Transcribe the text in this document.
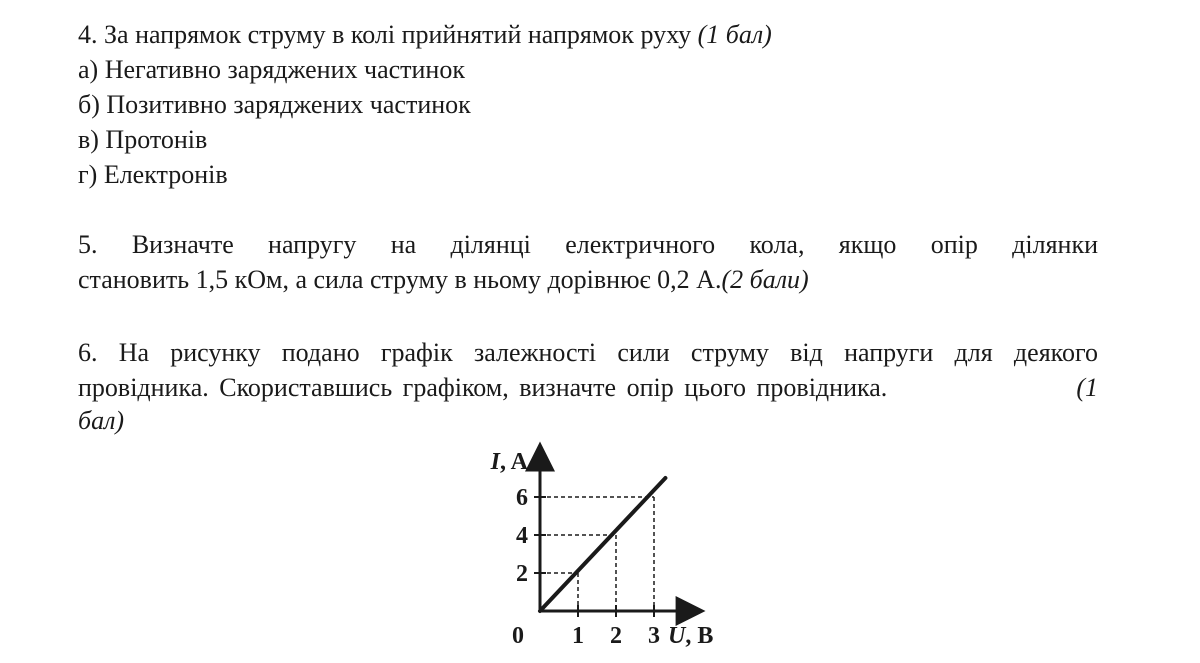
4. За напрямок струму в колі прийнятий напрямок руху (1 бал)
а) Негативно заряджених частинок
б) Позитивно заряджених частинок
в) Протонів
г) Електронів
5. Визначте напругу на ділянці електричного кола, якщо опір ділянки
становить 1,5 кОм, а сила струму в ньому дорівнює 0,2 А.(2 бали)
6. На рисунку подано графік залежності сили струму від напруги для деякого
провідника. Скориставшись графіком, визначте опір цього провідника.	(1
бал)
2
4
6
1 2 3
0
I, A
U, B
